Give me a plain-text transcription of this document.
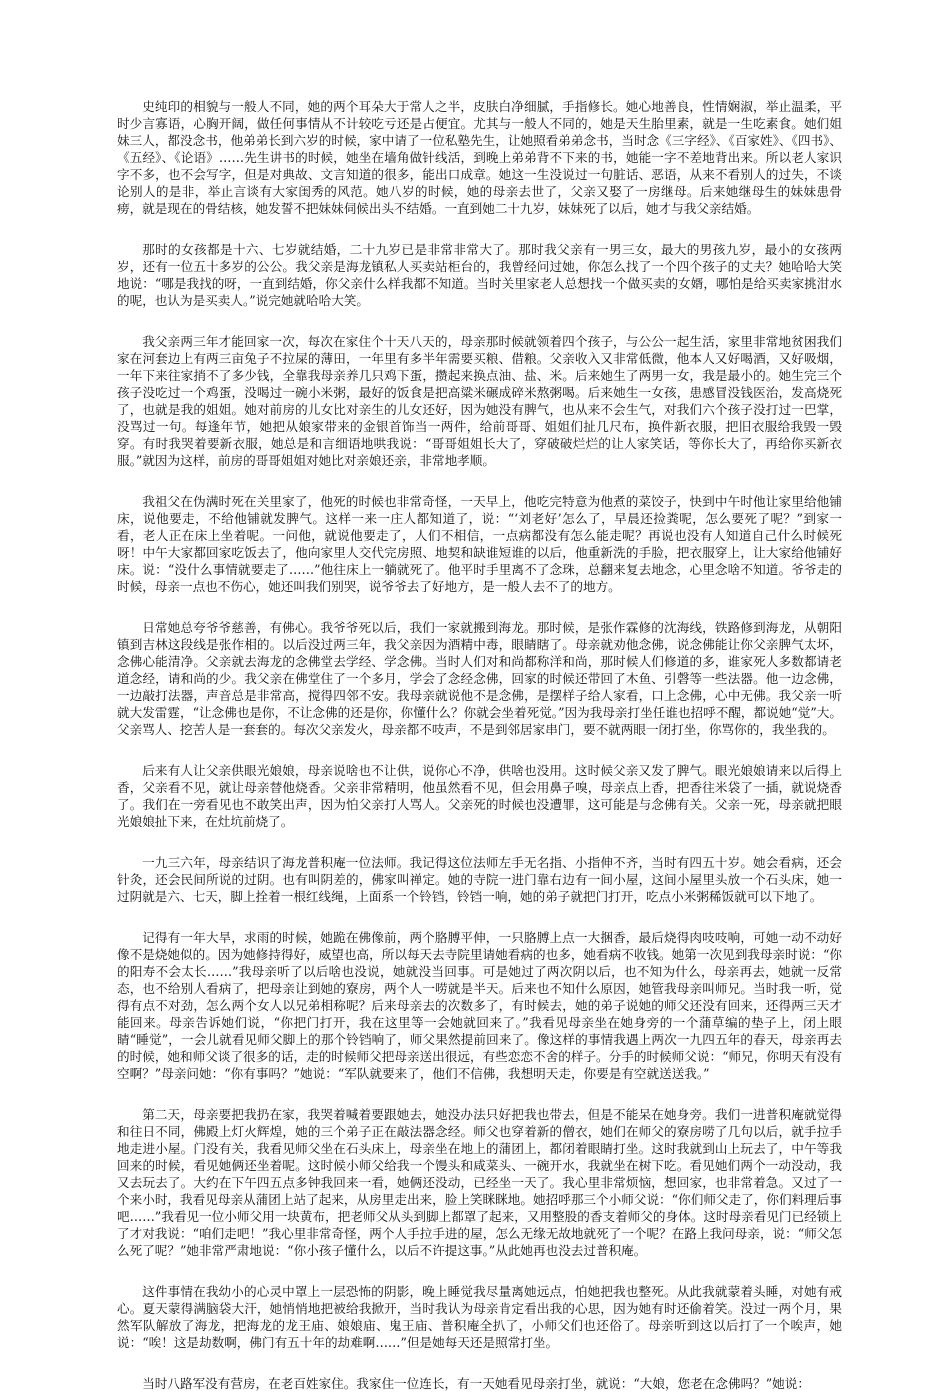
史纯印的相貌与一般人不同，她的两个耳朵大于常人之半，皮肤白净细腻，手指修长。她心地善良，性情娴淑，举止温柔，平时少言寡语，心胸开阔，做任何事情从不计较吃亏还是占便宜。尤其与一般人不同的，她是天生胎里素，就是一生吃素食。她们姐妹三人，都没念书，他弟弟长到六岁的时候，家中请了一位私塾先生，让她照看弟弟念书，当时念《三字经》、《百家姓》、《四书》、《五经》、《论语》……先生讲书的时候，她坐在墙角做针线活，到晚上弟弟背不下来的书，她能一字不差地背出来。所以老人家识字不多，也不会写字，但是对典故、文言知道的很多，能出口成章。她这一生没说过一句脏话、恶语，从来不看别人的过失，不谈论别人的是非，举止言谈有大家闺秀的风范。她八岁的时候，她的母亲去世了，父亲又娶了一房继母。后来她继母生的妹妹患骨痨，就是现在的骨结核，她发誓不把妹妹伺候出头不结婚。一直到她二十九岁，妹妹死了以后，她才与我父亲结婚。

那时的女孩都是十六、七岁就结婚，二十九岁已是非常非常大了。那时我父亲有一男三女，最大的男孩九岁，最小的女孩两岁，还有一位五十多岁的公公。我父亲是海龙镇私人买卖站柜台的，我曾经问过她，你怎么找了一个四个孩子的丈夫？她哈哈大笑地说：“哪是我找的呀，一直到结婚，你父亲什么样我都不知道。当时关里家老人总想找一个做买卖的女婿，哪怕是给买卖家挑泔水的呢，也认为是买卖人。”说完她就哈哈大笑。

我父亲两三年才能回家一次，每次在家住个十天八天的，母亲那时候就领着四个孩子，与公公一起生活，家里非常地贫困我们家在河套边上有两三亩兔子不拉屎的薄田，一年里有多半年需要买粮、借粮。父亲收入又非常低微，他本人又好喝酒，又好吸烟，一年下来往家捎不了多少钱，全靠我母亲养几只鸡下蛋，攒起来换点油、盐、米。后来她生了两男一女，我是最小的。她生完三个孩子没吃过一个鸡蛋，没喝过一碗小米粥，最好的饭食是把高粱米碾成碎米熬粥喝。后来她生一女孩，患感冒没钱医治，发高烧死了，也就是我的姐姐。她对前房的儿女比对亲生的儿女还好，因为她没有脾气，也从来不会生气，对我们六个孩子没打过一巴掌，没骂过一句。每逢年节，她把从娘家带来的金银首饰当一两件，给前哥哥、姐姐们扯几尺布，换件新衣服，把旧衣服给我毁一毁穿。有时我哭着要新衣服，她总是和言细语地哄我说：“哥哥姐姐长大了，穿破破烂烂的让人家笑话，等你长大了，再给你买新衣服。”就因为这样，前房的哥哥姐姐对她比对亲娘还亲，非常地孝顺。

我祖父在伪满时死在关里家了，他死的时候也非常奇怪，一天早上，他吃完特意为他煮的菜饺子，快到中午时他让家里给他铺床，说他要走，不给他铺就发脾气。这样一来一庄人都知道了，说：“‘刘老好’怎么了，早晨还捡粪呢，怎么要死了呢？”到家一看，老人正在床上坐着呢。一问他，就说他要走了，人们不相信，一点病都没有怎么能走呢？再说也没有人知道自己什么时候死呀！中午大家都回家吃饭去了，他向家里人交代完房照、地契和缺谁短谁的以后，他重新洗的手脸，把衣服穿上，让大家给他铺好床。说：“没什么事情就要走了……”他往床上一躺就死了。他平时手里离不了念珠，总翻来复去地念，心里念啥不知道。爷爷走的时候，母亲一点也不伤心，她还叫我们别哭，说爷爷去了好地方，是一般人去不了的地方。

日常她总夸爷爷慈善，有佛心。我爷爷死以后，我们一家就搬到海龙。那时候，是张作霖修的沈海线，铁路修到海龙，从朝阳镇到吉林这段线是张作相的。以后没过两三年，我父亲因为酒精中毒，眼睛瞎了。母亲就劝他念佛，说念佛能让你父亲脾气太坏，念佛心能清净。父亲就去海龙的念佛堂去学经、学念佛。当时人们对和尚都称洋和尚，那时候人们修道的多，谁家死人多数都请老道念经，请和尚的少。我父亲在佛堂住了一个多月，学会了念经念佛，回家的时候还带回了木鱼、引磬等一些法器。他一边念佛，一边敲打法器，声音总是非常高，搅得四邻不安。我母亲就说他不是念佛，是摆样子给人家看，口上念佛，心中无佛。我父亲一听就大发雷霆，“让念佛也是你，不让念佛的还是你，你懂什么？你就会坐着死觉。”因为我母亲打坐任谁也招呼不醒，都说她“觉”大。父亲骂人、挖苦人是一套套的。每次父亲发火，母亲都不吱声，不是到邻居家串门，要不就两眼一闭打坐，你骂你的，我坐我的。

后来有人让父亲供眼光娘娘，母亲说啥也不让供，说你心不净，供啥也没用。这时候父亲又发了脾气。眼光娘娘请来以后得上香，父亲看不见，就让母亲替他烧香。父亲非常精明，他虽然看不见，但会用鼻子嗅，母亲点上香，把香往米袋了一插，就说烧香了。我们在一旁看见也不敢笑出声，因为怕父亲打人骂人。父亲死的时候也没遭罪，这可能是与念佛有关。父亲一死，母亲就把眼光娘娘扯下来，在灶坑前烧了。

一九三六年，母亲结识了海龙普积庵一位法师。我记得这位法师左手无名指、小指伸不齐，当时有四五十岁。她会看病，还会针灸，还会民间所说的过阴。也有叫阴差的，佛家叫禅定。她的寺院一进门靠右边有一间小屋，这间小屋里头放一个石头床，她一过阴就是六、七天，脚上拴着一根红线绳，上面系一个铃铛，铃铛一响，她的弟子就把门打开，吃点小米粥稀饭就可以下地了。

记得有一年大旱，求雨的时候，她跪在佛像前，两个胳膊平伸，一只胳膊上点一大捆香，最后烧得肉吱吱响，可她一动不动好像不是烧她似的。因为她修持得好，威望也高，所以每天去寺院里请她看病的也多，她看病不收钱。她第一次见到我母亲时说：“你的阳寿不会太长……”我母亲听了以后啥也没说，她就没当回事。可是她过了两次阴以后，也不知为什么，母亲再去，她就一反常态，也不给别人看病了，把母亲让到她的寮房，两个人一唠就是半天。后来也不知什么原因，她管我母亲叫师兄。当时我一听，觉得有点不对劲，怎么两个女人以兄弟相称呢？后来母亲去的次数多了，有时候去，她的弟子说她的师父还没有回来，还得两三天才能回来。母亲告诉她们说，“你把门打开，我在这里等一会她就回来了。”我看见母亲坐在她身旁的一个蒲草编的垫子上，闭上眼睛“睡觉”，一会儿就看见师父脚上的那个铃铛响了，师父果然提前回来了。像这样的事情我遇上两次一九四五年的春天，母亲再去的时候，她和师父谈了很多的话，走的时候师父把母亲送出很远，有些恋恋不舍的样子。分手的时候师父说：“师兄，你明天有没有空啊？”母亲问她：“你有事吗？”她说：“军队就要来了，他们不信佛，我想明天走，你要是有空就送送我。”

第二天，母亲要把我扔在家，我哭着喊着要跟她去，她没办法只好把我也带去，但是不能呆在她身旁。我们一进普积庵就觉得和往日不同，佛殿上灯火辉煌，她的三个弟子正在敲法器念经。师父也穿着新的僧衣，她们在师父的寮房唠了几句以后，就手拉手地走进小屋。门没有关，我看见师父坐在石头床上，母亲坐在地上的蒲团上，都闭着眼睛打坐。这时我就到山上玩去了，中午等我回来的时候，看见她俩还坐着呢。这时候小师父给我一个馒头和咸菜头、一碗开水，我就坐在树下吃。看见她们两个一动没动，我又去玩去了。大约在下午四五点多钟我回来一看，她俩还没动，已经坐一天了。我心里非常烦恼，想回家，也非常着急。又过了一个来小时，我看见母亲从蒲团上站了起来，从房里走出来，脸上笑眯眯地。她招呼那三个小师父说：“你们师父走了，你们料理后事吧……”我看见一位小师父用一块黄布，把老师父从头到脚上都罩了起来，又用整股的香支着师父的身体。这时母亲看见门已经锁上了才对我说：“咱们走吧！”我心里非常奇怪，两个人手拉手进的屋，怎么无缘无故地就死了一个呢？在路上我问母亲，说：“师父怎么死了呢？”她非常严肃地说：“你小孩子懂什么，以后不许提这事。”从此她再也没去过普积庵。

这件事情在我幼小的心灵中罩上一层恐怖的阴影，晚上睡觉我尽量离她远点，怕她把我也整死。从此我就蒙着头睡，对她有戒心。夏天蒙得满脑袋大汗，她悄悄地把被给我掀开，当时我认为母亲肯定看出我的心思，因为她有时还偷着笑。没过一两个月，果然军队解放了海龙，把海龙的龙王庙、娘娘庙、鬼王庙、普积庵全扒了，小师父们也还俗了。母亲听到这以后打了一个唉声，她说：“唉！这是劫数啊，佛门有五十年的劫难啊……”但是她每天还是照常打坐。

当时八路军没有营房，在老百姓家住。我家住一位连长，有一天她看见母亲打坐，就说：“大娘，您老在念佛吗？”她说：
